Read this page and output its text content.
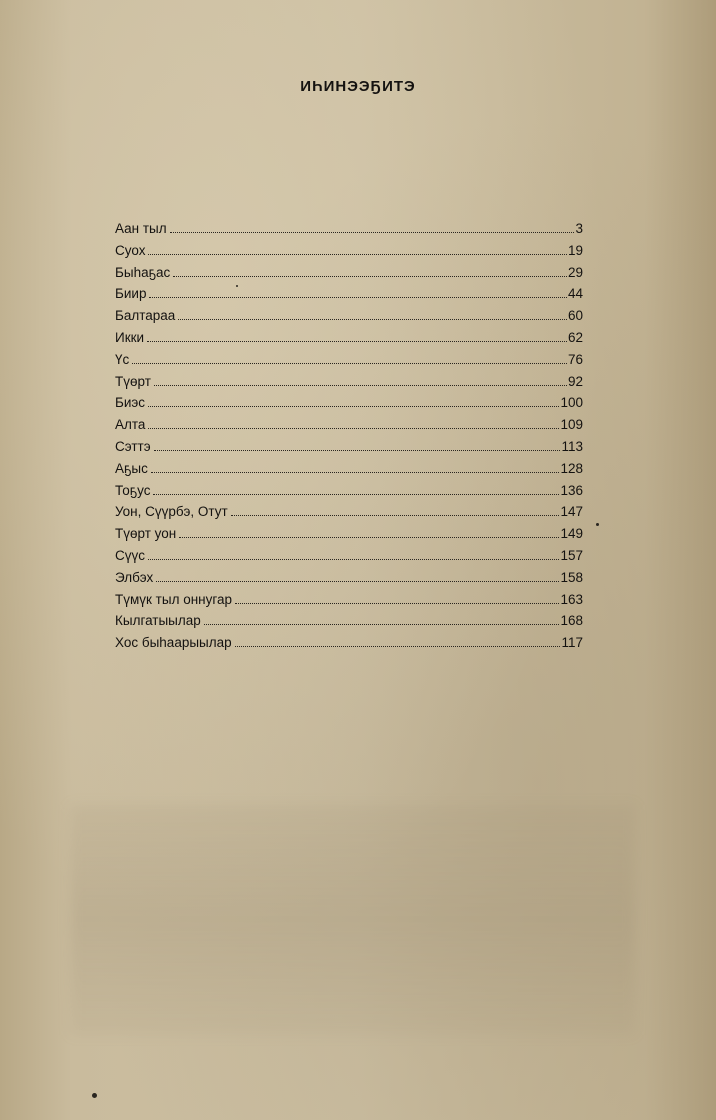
ИҺИНЭЭҔИТЭ
Аан тыл	3
Суох	19
Быһаҕас	29
Бииp	44
Балтараа	60
Икки	62
Үс	76
Түөрт	92
Биэс	100
Алта	109
Сэттэ	113
Аҕыс	128
Тоҕус	136
Уон, Сүүрбэ, Отут	147
Түөрт уон	149
Сүүс	157
Элбэх	158
Түмүк тыл оннугар	163
Кылгатыылар	168
Хос быһаарыылар	117
